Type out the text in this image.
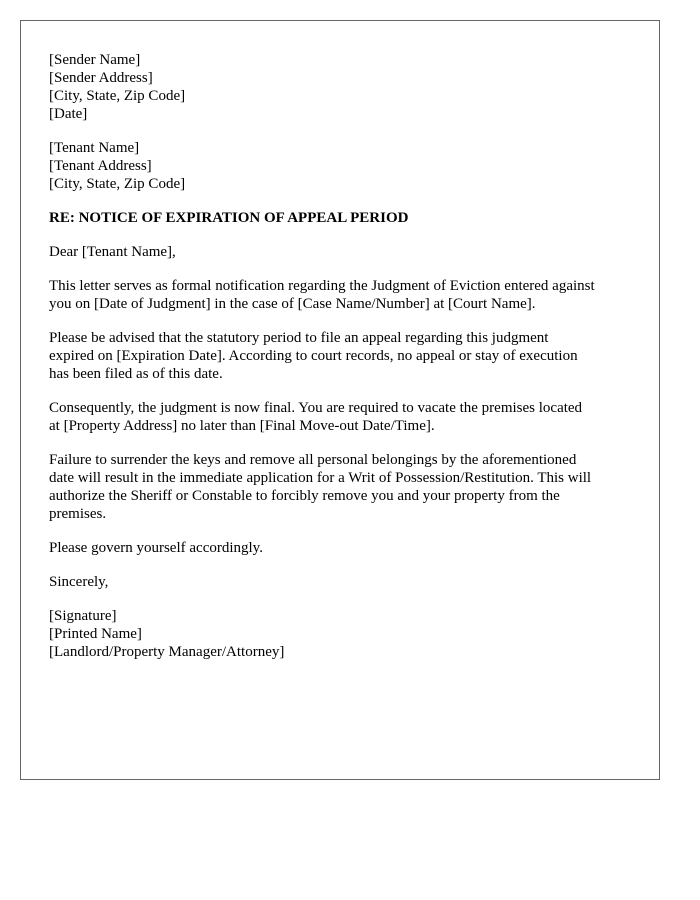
[Sender Name]
[Sender Address]
[City, State, Zip Code]
[Date]
[Tenant Name]
[Tenant Address]
[City, State, Zip Code]
RE: NOTICE OF EXPIRATION OF APPEAL PERIOD
Dear [Tenant Name],
This letter serves as formal notification regarding the Judgment of Eviction entered against
you on [Date of Judgment] in the case of [Case Name/Number] at [Court Name].
Please be advised that the statutory period to file an appeal regarding this judgment
expired on [Expiration Date]. According to court records, no appeal or stay of execution
has been filed as of this date.
Consequently, the judgment is now final. You are required to vacate the premises located
at [Property Address] no later than [Final Move-out Date/Time].
Failure to surrender the keys and remove all personal belongings by the aforementioned
date will result in the immediate application for a Writ of Possession/Restitution. This will
authorize the Sheriff or Constable to forcibly remove you and your property from the
premises.
Please govern yourself accordingly.
Sincerely,
[Signature]
[Printed Name]
[Landlord/Property Manager/Attorney]
